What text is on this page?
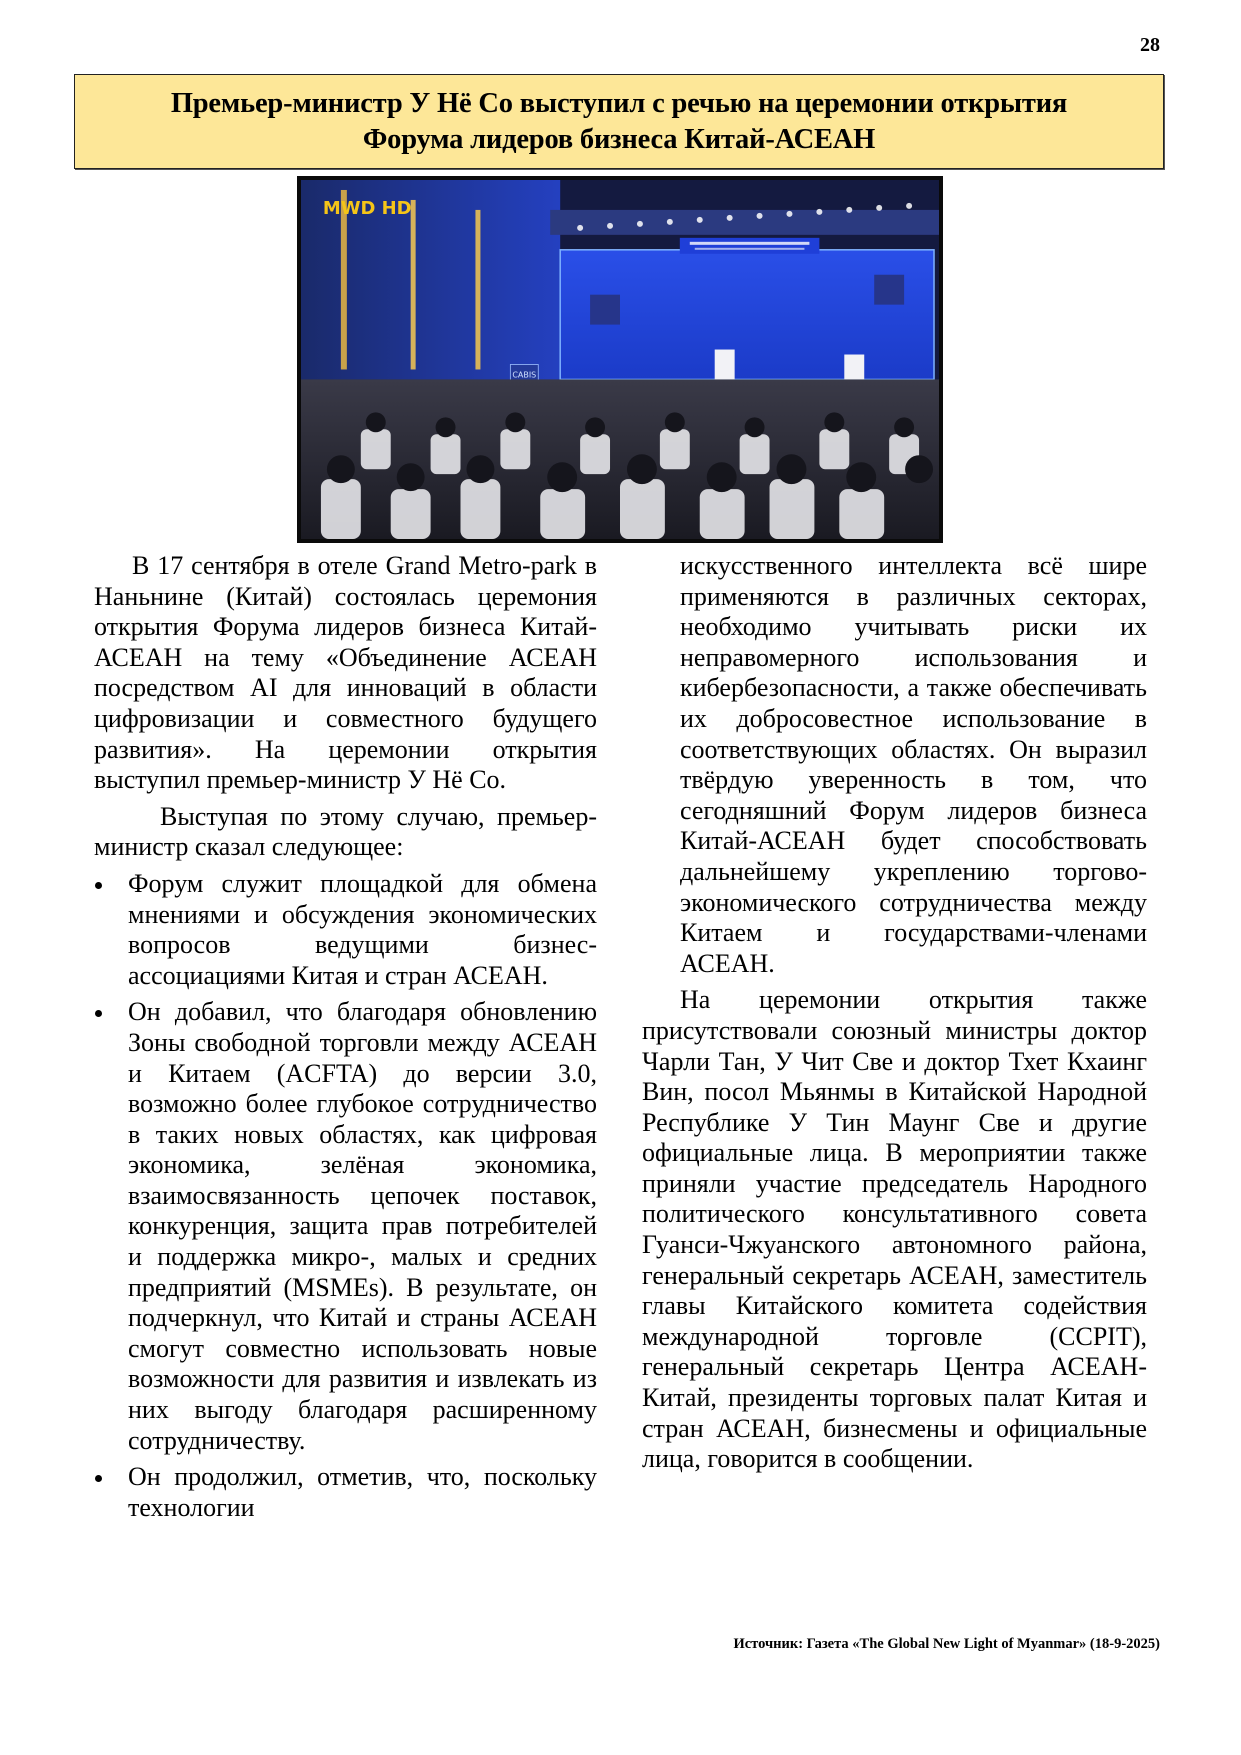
28
Премьер-министр У Нё Со выступил с речью на церемонии открытия
Форума лидеров бизнеса Китай-АСЕАН
CABIS
MWD HD

В 17 сентября в отеле Grand Metro-park в Наньнине (Китай) состоялась церемония открытия Форума лидеров бизнеса Китай-АСЕАН на тему «Объединение АСЕАН посредством AI для инноваций в области цифровизации и совместного будущего развития». На церемонии открытия выступил премьер-министр У Нё Со.

Выступая по этому случаю, премьер-министр сказал следующее:

Форум служит площадкой для обмена мнениями и обсуждения экономических вопросов ведущими бизнес-ассоциациями Китая и стран АСЕАН.
Он добавил, что благодаря обновлению Зоны свободной торговли между АСЕАН и Китаем (ACFTA) до версии 3.0, возможно более глубокое сотрудничество в таких новых областях, как цифровая экономика, зелёная экономика, взаимосвязанность цепочек поставок, конкуренция, защита прав потребителей и поддержка микро-, малых и средних предприятий (MSMEs). В результате, он подчеркнул, что Китай и страны АСЕАН смогут совместно использовать новые возможности для развития и извлекать из них выгоду благодаря расширенному сотрудничеству.
Он продолжил, отметив, что, поскольку технологии

искусственного интеллекта всё шире применяются в различных секторах, необходимо учитывать риски их неправомерного использования и кибербезопасности, а также обеспечивать их добросовестное использование в соответствующих областях. Он выразил твёрдую уверенность в том, что сегодняшний Форум лидеров бизнеса Китай-АСЕАН будет способствовать дальнейшему укреплению торгово-экономического сотрудничества между Китаем и государствами-членами АСЕАН.

На церемонии открытия также присутствовали союзный министры доктор Чарли Тан, У Чит Све и доктор Тхет Кхаинг Вин, посол Мьянмы в Китайской Народной Республике У Тин Маунг Све и другие официальные лица. В мероприятии также приняли участие председатель Народного политического консультативного совета Гуанси-Чжуанского автономного района, генеральный секретарь АСЕАН, заместитель главы Китайского комитета содействия международной торговле (CCPIT), генеральный секретарь Центра АСЕАН-Китай, президенты торговых палат Китая и стран АСЕАН, бизнесмены и официальные лица, говорится в сообщении.

Источник: Газета «The Global New Light of Myanmar» (18-9-2025)
